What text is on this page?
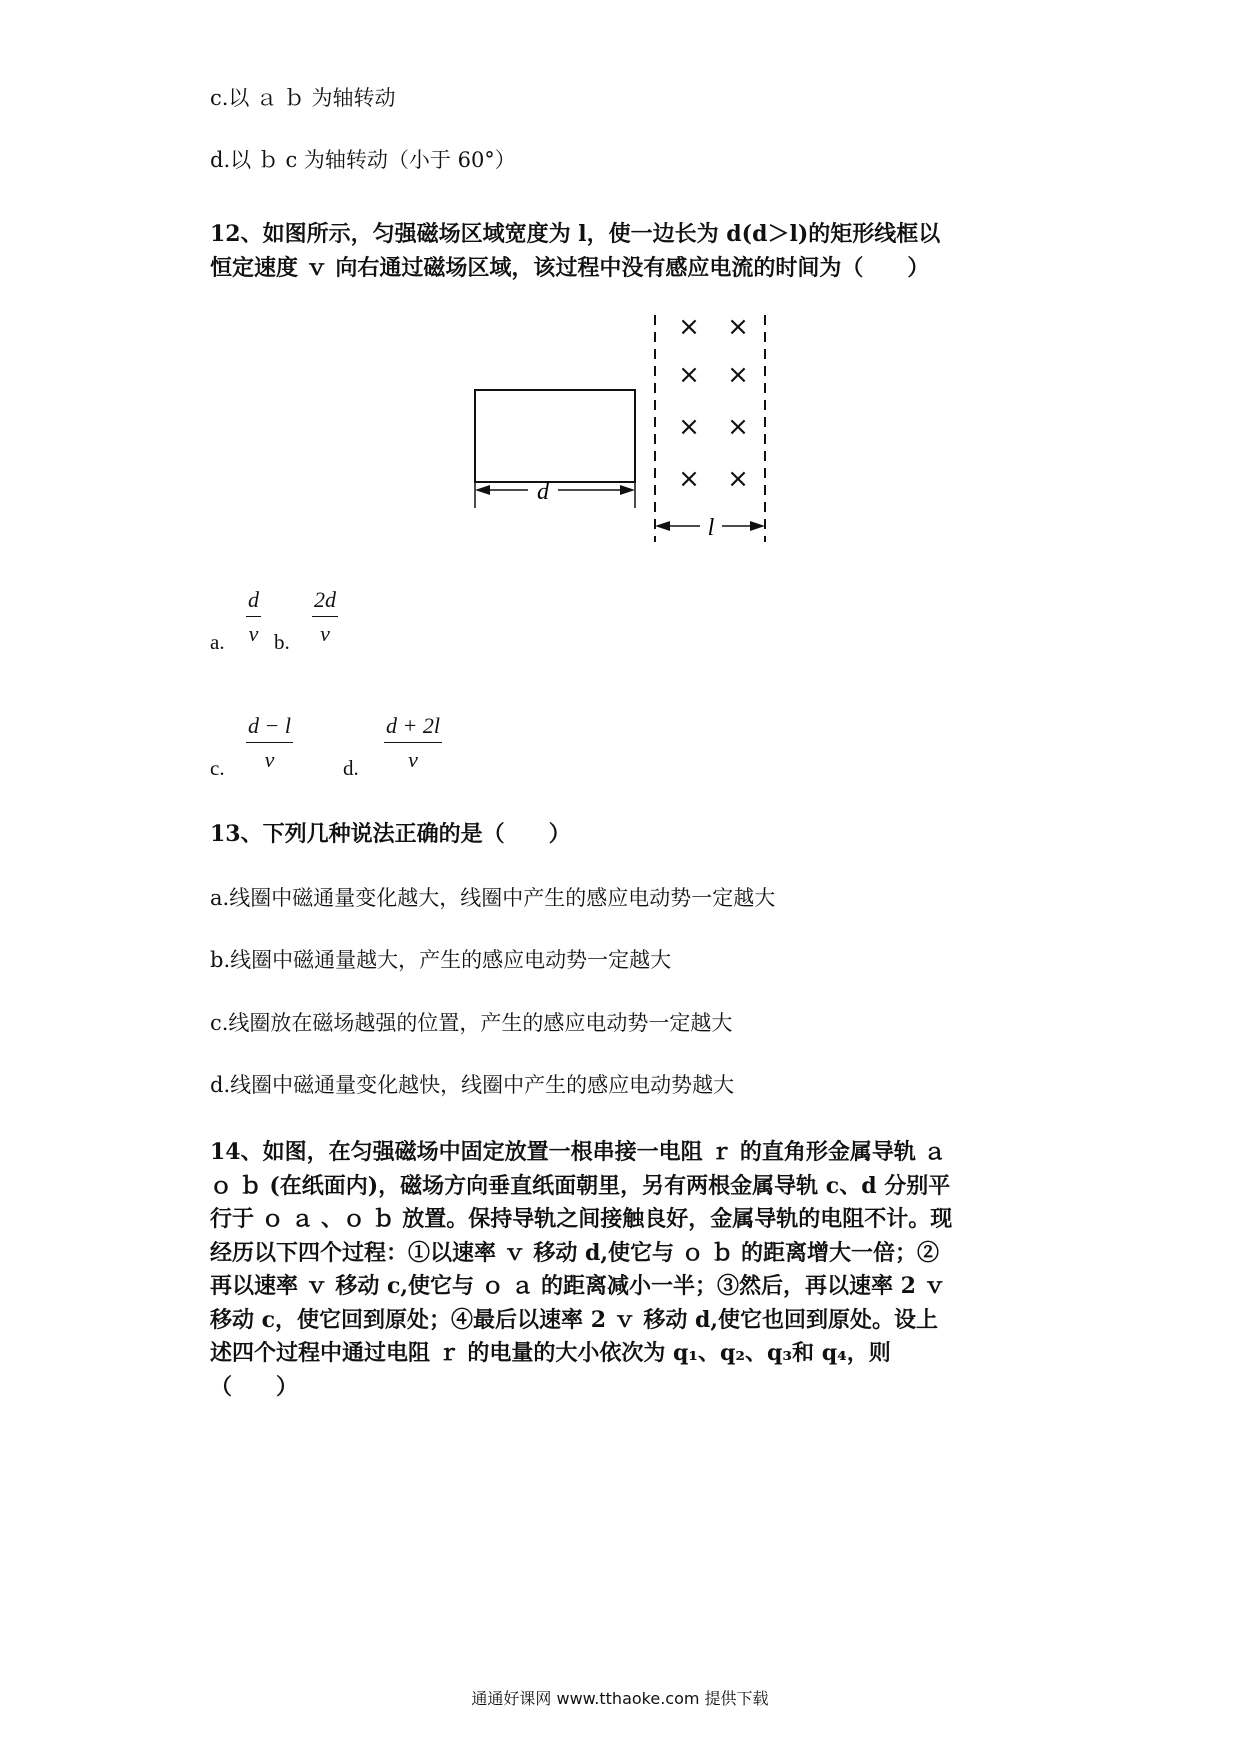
c.以 ａ ｂ 为轴转动
d.以 ｂ c 为轴转动（小于 60°）
12、如图所示，匀强磁场区域宽度为 l，使一边长为 d(d＞l)的矩形线框以
恒定速度 ｖ 向右通过磁场区域，该过程中没有感应电流的时间为（　　）
d
× ×
× ×
× ×
× ×
l
$\frac{d}{v}$
a. b. $\frac{2d}{v}$
c. $\frac{d - l}{v} d$. $\frac{d + 2l}{v}$
13、下列几种说法正确的是（　　）
a.线圈中磁通量变化越大，线圈中产生的感应电动势一定越大
b.线圈中磁通量越大，产生的感应电动势一定越大
c.线圈放在磁场越强的位置，产生的感应电动势一定越大
d.线圈中磁通量变化越快，线圈中产生的感应电动势越大
14、如图，在匀强磁场中固定放置一根串接一电阻 ｒ 的直角形金属导轨 ａ
ｏ ｂ (在纸面内)，磁场方向垂直纸面朝里，另有两根金属导轨 c、d 分别平
行于 ｏ ａ 、ｏ ｂ 放置。保持导轨之间接触良好，金属导轨的电阻不计。现
经历以下四个过程：①以速率 ｖ 移动 d,使它与 ｏ ｂ 的距离增大一倍；②
再以速率 ｖ 移动 c,使它与 ｏ ａ 的距离减小一半；③然后，再以速率 2 ｖ
移动 c，使它回到原处；④最后以速率 2 ｖ 移动 d,使它也回到原处。设上
述四个过程中通过电阻 ｒ 的电量的大小依次为 q₁、q₂、q₃和 q₄，则
（　　）
通通好课网 www.tthaoke.com 提供下载
